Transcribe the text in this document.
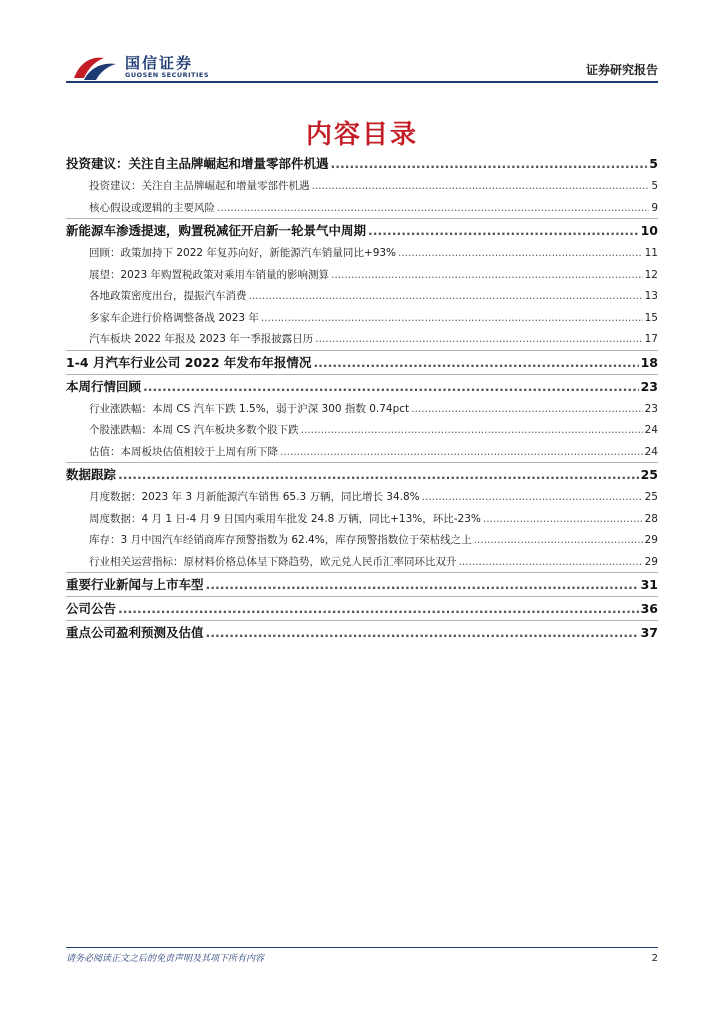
国信证券
GUOSEN SECURITIES	证券研究报告
内容目录
投资建议：关注自主品牌崛起和增量零部件机遇 .....	5
投资建议：关注自主品牌崛起和增量零部件机遇 .....	5
核心假设或逻辑的主要风险 .....	9
新能源车渗透提速，购置税减征开启新一轮景气中周期 .....	10
回顾：政策加持下 2022 年复苏向好，新能源汽车销量同比+93% .....	11
展望：2023 年购置税政策对乘用车销量的影响测算 .....	12
各地政策密度出台，提振汽车消费 .....	13
多家车企进行价格调整备战 2023 年 .....	15
汽车板块 2022 年报及 2023 年一季报披露日历 .....	17
1-4 月汽车行业公司 2022 年发布年报情况 .....	18
本周行情回顾 .....	23
行业涨跌幅：本周 CS 汽车下跌 1.5%，弱于沪深 300 指数 0.74pct .....	23
个股涨跌幅：本周 CS 汽车板块多数个股下跌 .....	24
估值：本周板块估值相较于上周有所下降 .....	24
数据跟踪 .....	25
月度数据：2023 年 3 月新能源汽车销售 65.3 万辆，同比增长 34.8% .....	25
周度数据：4 月 1 日-4 月 9 日国内乘用车批发 24.8 万辆，同比+13%，环比-23% .....	28
库存：3 月中国汽车经销商库存预警指数为 62.4%，库存预警指数位于荣枯线之上 .....	29
行业相关运营指标：原材料价格总体呈下降趋势，欧元兑人民币汇率同环比双升 .....	29
重要行业新闻与上市车型 .....	31
公司公告 .....	36
重点公司盈利预测及估值 .....	37
请务必阅读正文之后的免责声明及其项下所有内容	2
